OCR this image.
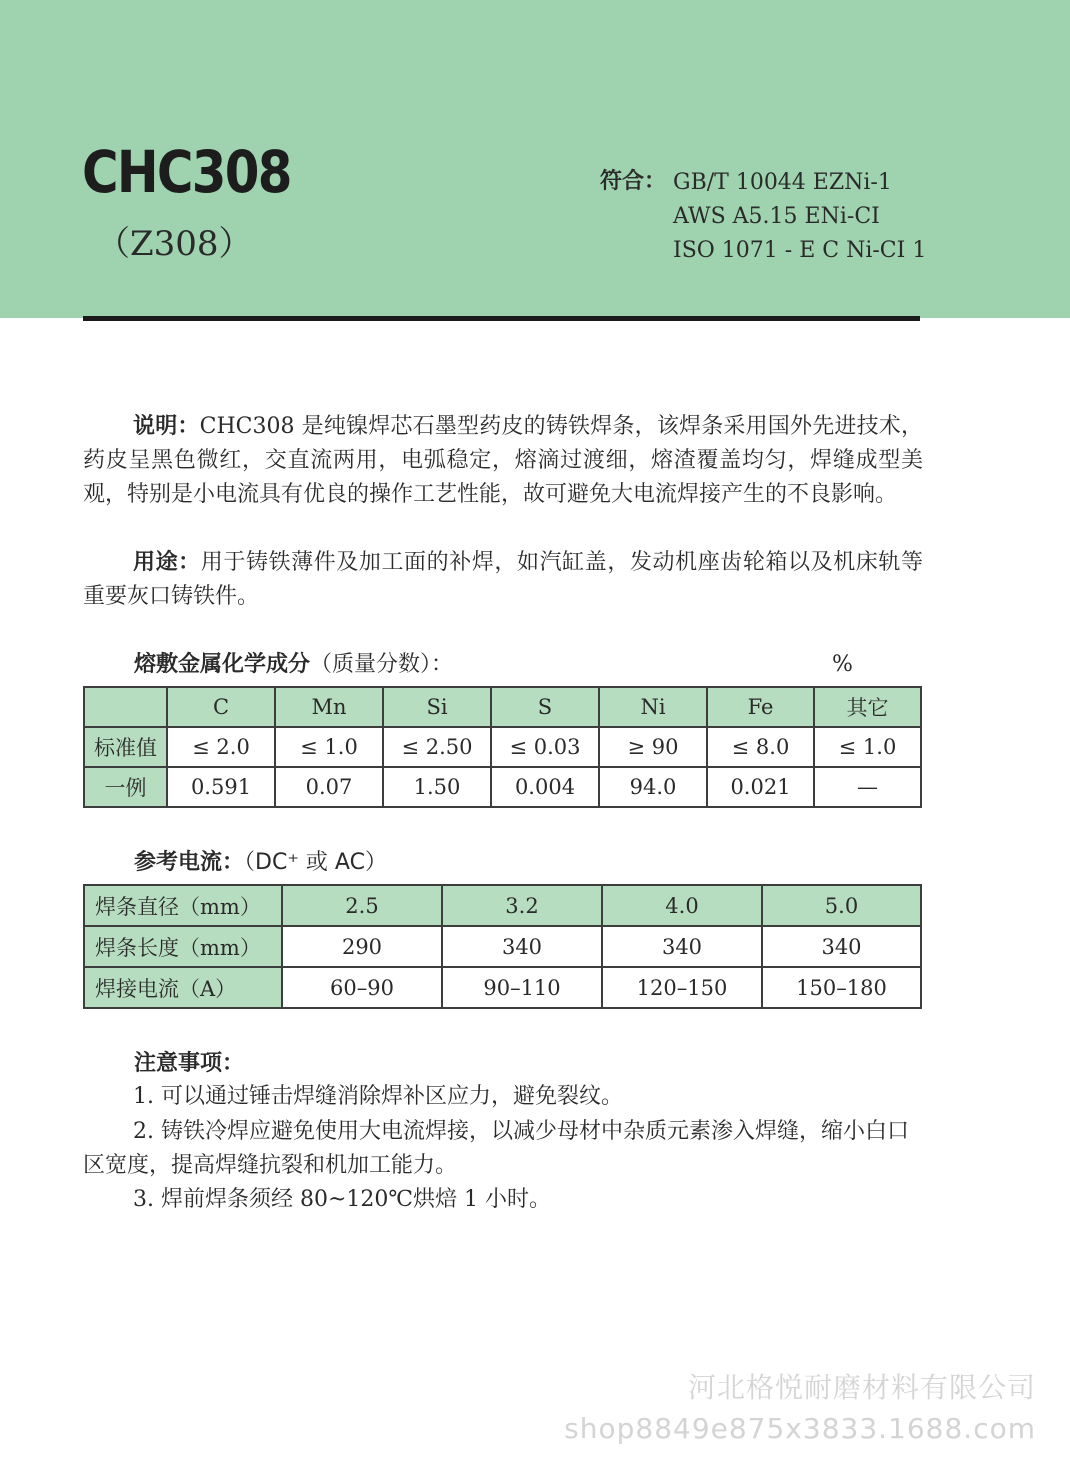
CHC308
（Z308）
符合： GB/T 10044 EZNi-1
AWS A5.15 ENi-CI
ISO 1071 - E C Ni-CI 1

说明：CHC308 是纯镍焊芯石墨型药皮的铸铁焊条，该焊条采用国外先进技术，药皮呈黑色微红，交直流两用，电弧稳定，熔滴过渡细，熔渣覆盖均匀，焊缝成型美观，特别是小电流具有优良的操作工艺性能，故可避免大电流焊接产生的不良影响。

用途：用于铸铁薄件及加工面的补焊，如汽缸盖，发动机座齿轮箱以及机床轨等重要灰口铸铁件。

熔敷金属化学成分（质量分数）：	%
	C	Mn	Si	S	Ni	Fe	其它
标准值	≤ 2.0	≤ 1.0	≤ 2.50	≤ 0.03	≥ 90	≤ 8.0	≤ 1.0
一例	0.591	0.07	1.50	0.004	94.0	0.021	—
参考电流：（DC⁺ 或 AC）
焊条直径（mm）	2.5	3.2	4.0	5.0
焊条长度（mm）	290	340	340	340
焊接电流（A）	60–90	90–110	120–150	150–180
注意事项：

1. 可以通过锤击焊缝消除焊补区应力，避免裂纹。

2. 铸铁冷焊应避免使用大电流焊接，以减少母材中杂质元素渗入焊缝，缩小白口区宽度，提高焊缝抗裂和机加工能力。

3. 焊前焊条须经 80~120℃烘焙 1 小时。

河北格悦耐磨材料有限公司
shop8849e875x3833.1688.com
